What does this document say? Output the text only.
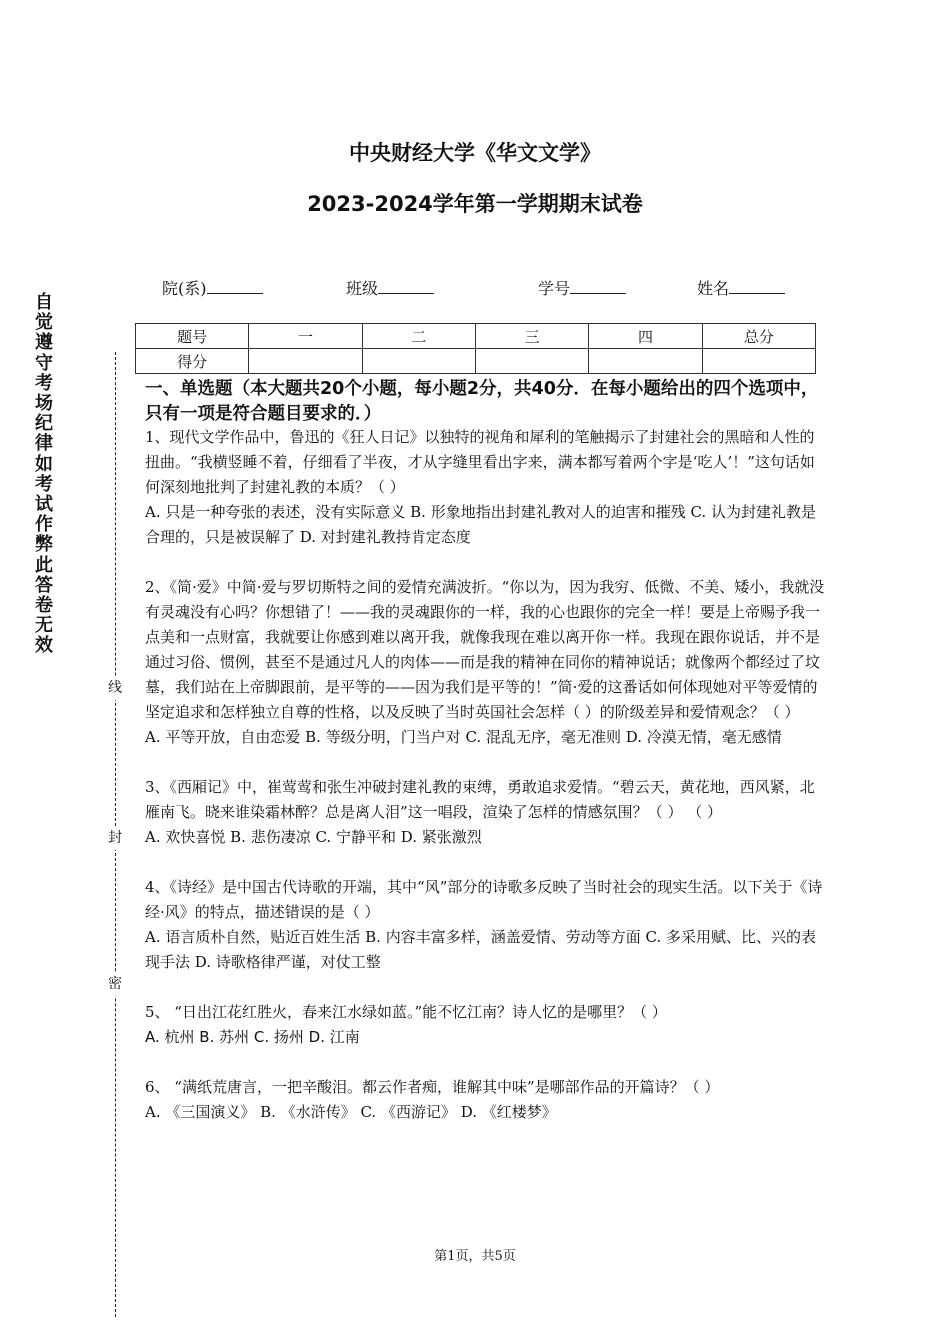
中央财经大学《华文文学》
2023-2024学年第一学期期末试卷
自觉遵守考场纪律如考试作弊此答卷无效
线
封
密
院(系)	班级	学号	姓名
题号	一	二	三	四	总分
得分					
一、单选题（本大题共20个小题，每小题2分，共40分．在每小题给出的四个选项中，只有一项是符合题目要求的．）

1、现代文学作品中，鲁迅的《狂人日记》以独特的视角和犀利的笔触揭示了封建社会的黑暗和人性的扭曲。“我横竖睡不着，仔细看了半夜，才从字缝里看出字来，满本都写着两个字是‘吃人’！”这句话如何深刻地批判了封建礼教的本质？（ ）

A. 只是一种夸张的表述，没有实际意义 B. 形象地指出封建礼教对人的迫害和摧残 C. 认为封建礼教是合理的，只是被误解了 D. 对封建礼教持肯定态度

2、《简·爱》中简·爱与罗切斯特之间的爱情充满波折。“你以为，因为我穷、低微、不美、矮小，我就没有灵魂没有心吗？你想错了！——我的灵魂跟你的一样，我的心也跟你的完全一样！要是上帝赐予我一点美和一点财富，我就要让你感到难以离开我，就像我现在难以离开你一样。我现在跟你说话，并不是通过习俗、惯例，甚至不是通过凡人的肉体——而是我的精神在同你的精神说话；就像两个都经过了坟墓，我们站在上帝脚跟前，是平等的——因为我们是平等的！”简·爱的这番话如何体现她对平等爱情的坚定追求和怎样独立自尊的性格，以及反映了当时英国社会怎样（ ）的阶级差异和爱情观念？（ ）

A. 平等开放，自由恋爱 B. 等级分明，门当户对 C. 混乱无序，毫无准则 D. 冷漠无情，毫无感情

3、《西厢记》中，崔莺莺和张生冲破封建礼教的束缚，勇敢追求爱情。“碧云天，黄花地，西风紧，北雁南飞。晓来谁染霜林醉？总是离人泪”这一唱段，渲染了怎样的情感氛围？（ ） （ ）

A. 欢快喜悦 B. 悲伤凄凉 C. 宁静平和 D. 紧张激烈

4、《诗经》是中国古代诗歌的开端，其中“风”部分的诗歌多反映了当时社会的现实生活。以下关于《诗经·风》的特点，描述错误的是（ ）

A. 语言质朴自然，贴近百姓生活 B. 内容丰富多样，涵盖爱情、劳动等方面 C. 多采用赋、比、兴的表现手法 D. 诗歌格律严谨，对仗工整

5、 “日出江花红胜火，春来江水绿如蓝。”能不忆江南？诗人忆的是哪里？（ ）

A. 杭州 B. 苏州 C. 扬州 D. 江南

6、 “满纸荒唐言，一把辛酸泪。都云作者痴，谁解其中味”是哪部作品的开篇诗？（ ）

A. 《三国演义》 B. 《水浒传》 C. 《西游记》 D. 《红楼梦》

第1页，共5页
